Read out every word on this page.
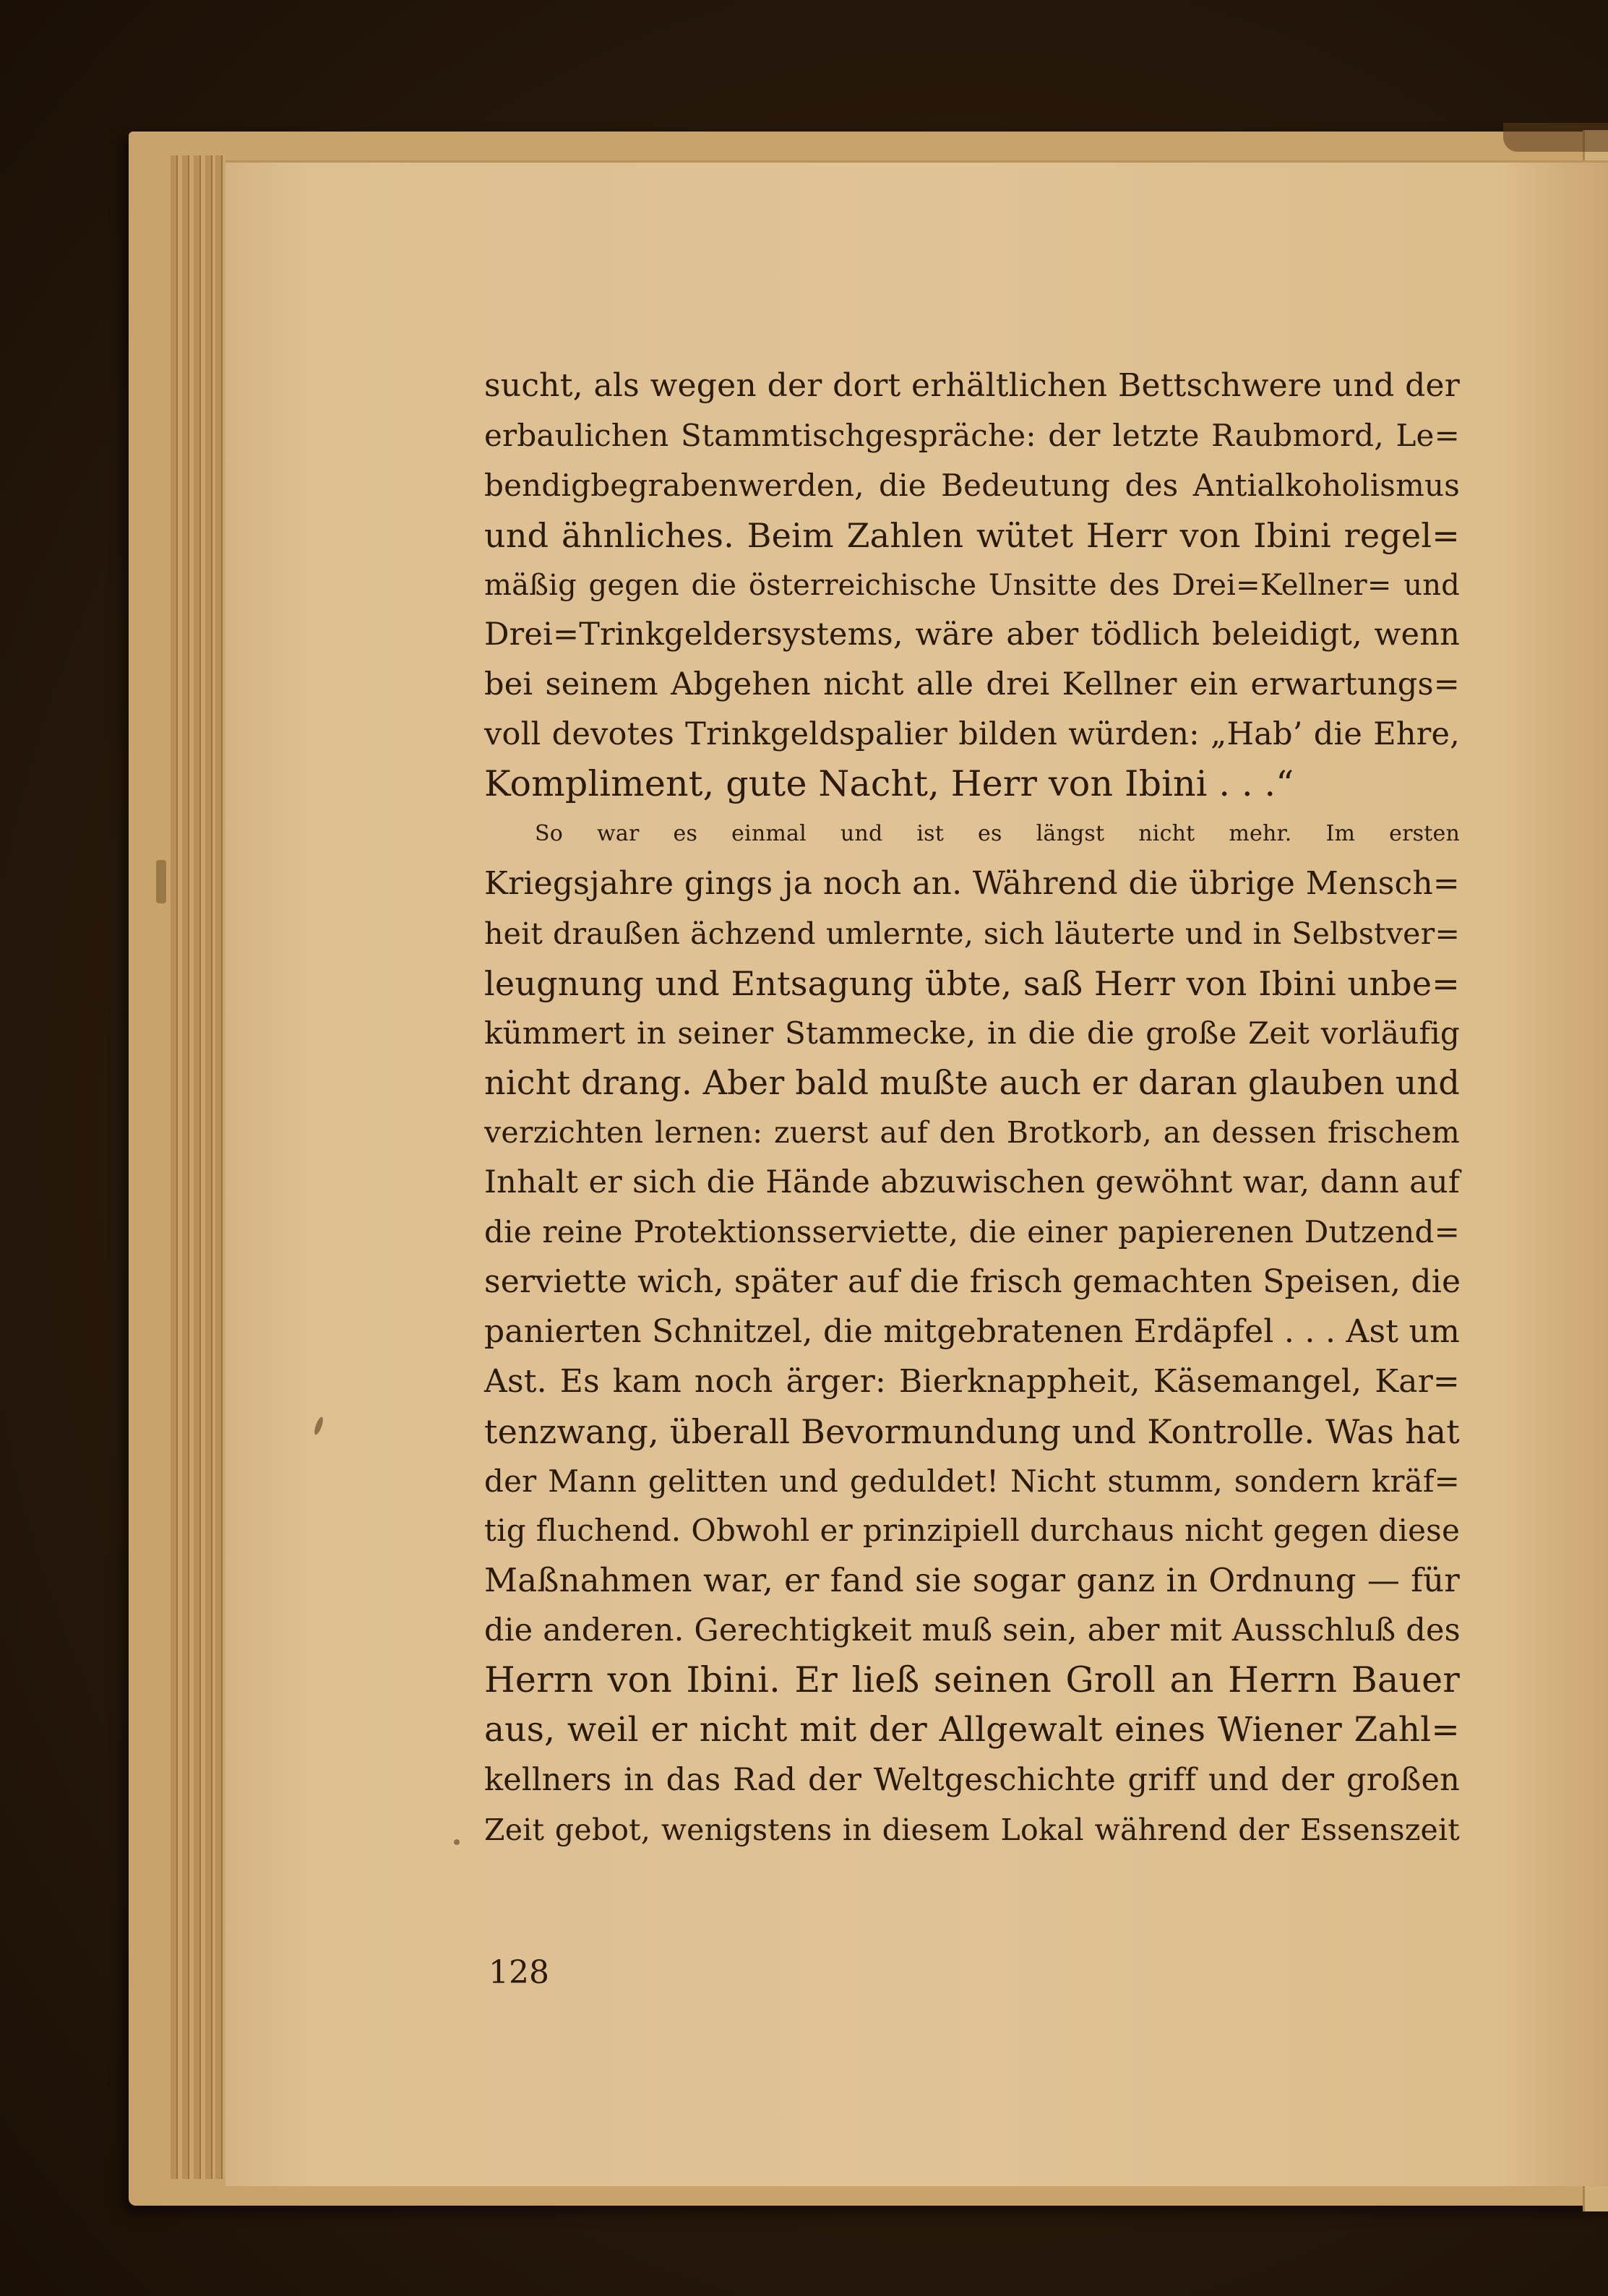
sucht, als wegen der dort erhältlichen Bettschwere und der
erbaulichen Stammtischgespräche: der letzte Raubmord, Le=
bendigbegrabenwerden, die Bedeutung des Antialkoholismus
und ähnliches. Beim Zahlen wütet Herr von Ibini regel=
mäßig gegen die österreichische Unsitte des Drei=Kellner= und
Drei=Trinkgeldersystems, wäre aber tödlich beleidigt, wenn
bei seinem Abgehen nicht alle drei Kellner ein erwartungs=
voll devotes Trinkgeldspalier bilden würden: „Hab’ die Ehre,
Kompliment, gute Nacht, Herr von Ibini . . .“
So war es einmal und ist es längst nicht mehr. Im ersten
Kriegsjahre gings ja noch an. Während die übrige Mensch=
heit draußen ächzend umlernte, sich läuterte und in Selbstver=
leugnung und Entsagung übte, saß Herr von Ibini unbe=
kümmert in seiner Stammecke, in die die große Zeit vorläufig
nicht drang. Aber bald mußte auch er daran glauben und
verzichten lernen: zuerst auf den Brotkorb, an dessen frischem
Inhalt er sich die Hände abzuwischen gewöhnt war, dann auf
die reine Protektionsserviette, die einer papierenen Dutzend=
serviette wich, später auf die frisch gemachten Speisen, die
panierten Schnitzel, die mitgebratenen Erdäpfel . . . Ast um
Ast. Es kam noch ärger: Bierknappheit, Käsemangel, Kar=
tenzwang, überall Bevormundung und Kontrolle. Was hat
der Mann gelitten und geduldet! Nicht stumm, sondern kräf=
tig fluchend. Obwohl er prinzipiell durchaus nicht gegen diese
Maßnahmen war, er fand sie sogar ganz in Ordnung — für
die anderen. Gerechtigkeit muß sein, aber mit Ausschluß des
Herrn von Ibini. Er ließ seinen Groll an Herrn Bauer
aus, weil er nicht mit der Allgewalt eines Wiener Zahl=
kellners in das Rad der Weltgeschichte griff und der großen
Zeit gebot, wenigstens in diesem Lokal während der Essenszeit
128
